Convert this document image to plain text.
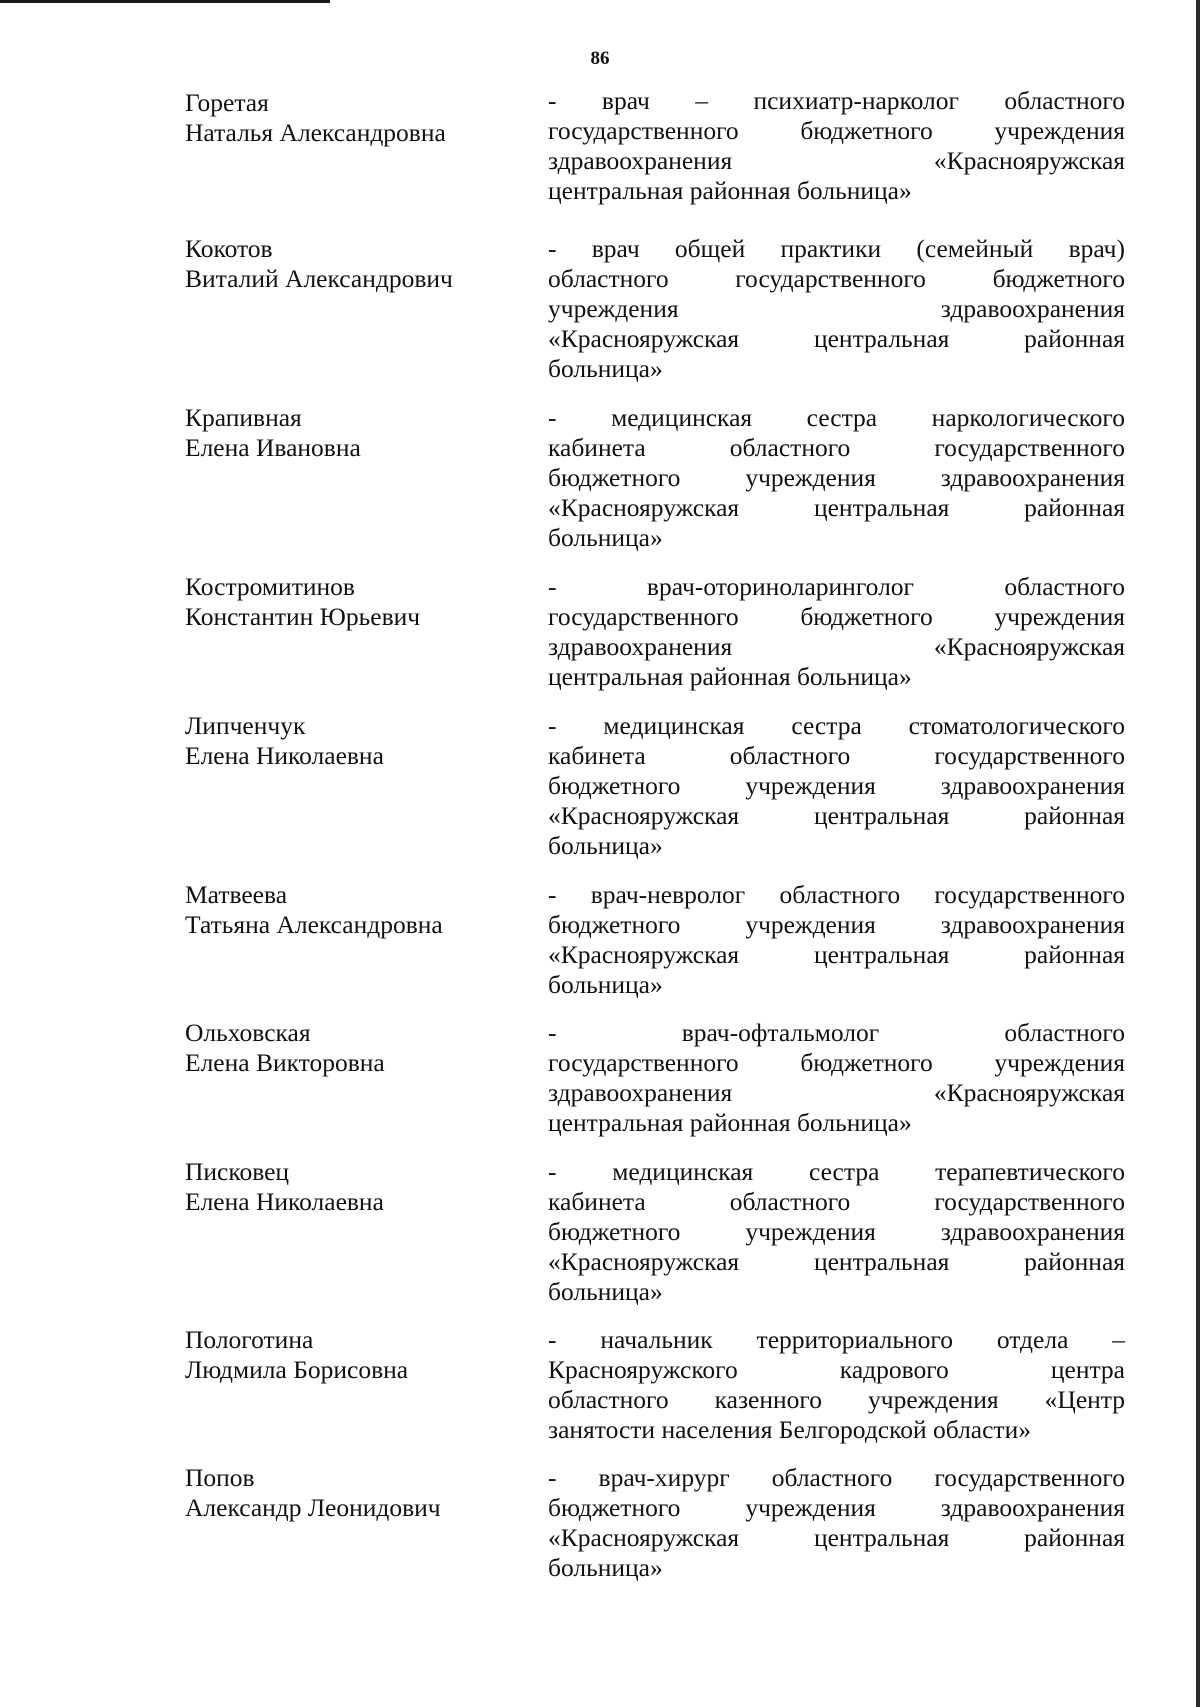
86
Горетая
Наталья Александровна
- врач – психиатр-нарколог областного
государственного бюджетного учреждения
здравоохранения «Краснояружская
центральная районная больница»
Кокотов
Виталий Александрович
- врач общей практики (семейный врач)
областного государственного бюджетного
учреждения здравоохранения
«Краснояружская центральная районная
больница»
Крапивная
Елена Ивановна
- медицинская сестра наркологического
кабинета областного государственного
бюджетного учреждения здравоохранения
«Краснояружская центральная районная
больница»
Костромитинов
Константин Юрьевич
- врач-оториноларинголог областного
государственного бюджетного учреждения
здравоохранения «Краснояружская
центральная районная больница»
Липченчук
Елена Николаевна
- медицинская сестра стоматологического
кабинета областного государственного
бюджетного учреждения здравоохранения
«Краснояружская центральная районная
больница»
Матвеева
Татьяна Александровна
- врач-невролог областного государственного
бюджетного учреждения здравоохранения
«Краснояружская центральная районная
больница»
Ольховская
Елена Викторовна
- врач-офтальмолог областного
государственного бюджетного учреждения
здравоохранения «Краснояружская
центральная районная больница»
Писковец
Елена Николаевна
- медицинская сестра терапевтического
кабинета областного государственного
бюджетного учреждения здравоохранения
«Краснояружская центральная районная
больница»
Пологотина
Людмила Борисовна
- начальник территориального отдела –
Краснояружского кадрового центра
областного казенного учреждения «Центр
занятости населения Белгородской области»
Попов
Александр Леонидович
- врач-хирург областного государственного
бюджетного учреждения здравоохранения
«Краснояружская центральная районная
больница»
